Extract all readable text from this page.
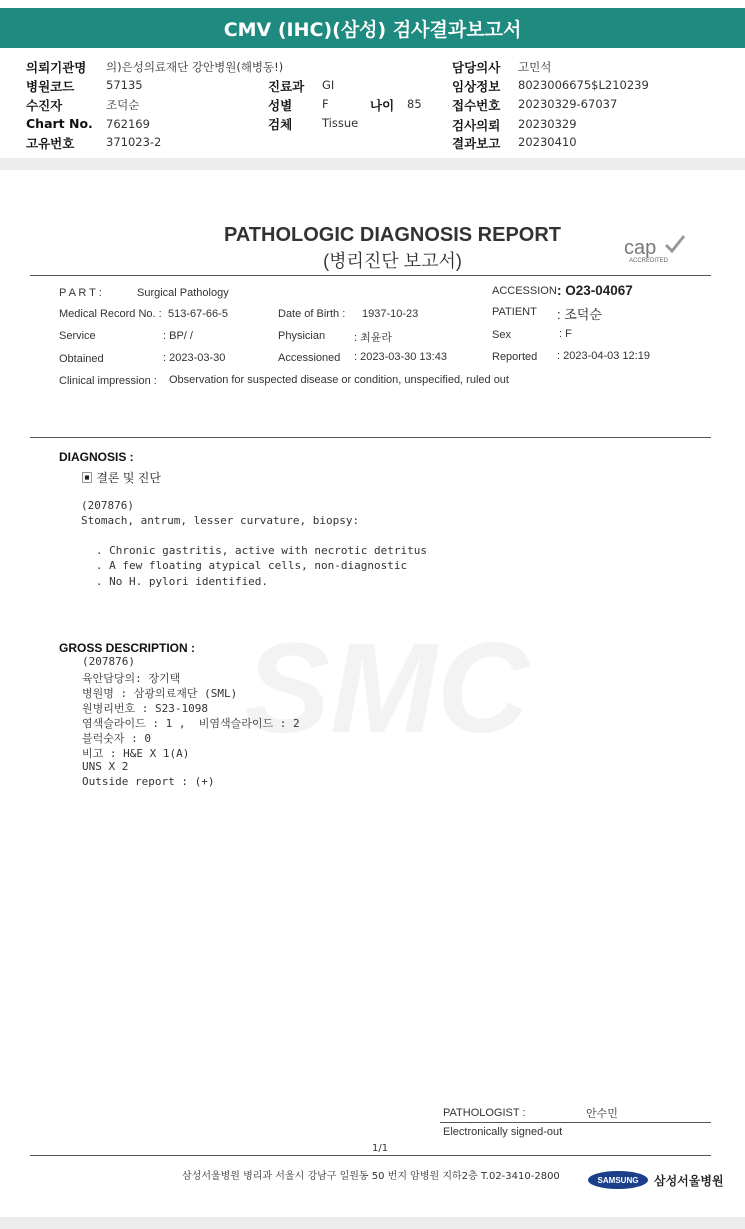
CMV (IHC)(삼성) 검사결과보고서
의뢰기관명 의)은성의료재단 강안병원(해병동!)
병원코드	57135
수진자	조덕순
Chart No. 762169
고유번호	371023-2
진료과 GI
성별	F	나이 85
검체	Tissue
담당의사 고민석
임상정보 8023006675$L210239
접수번호 20230329-67037
검사의뢰 20230329
결과보고 20230410
SMC
PATHOLOGIC DIAGNOSIS REPORT
(병리진단 보고서)
cap
ACCREDITED
P A R T :	Surgical Pathology	ACCESSION : O23-04067
Medical Record No. : 513-67-66-5	Date of Birth : 1937-10-23	PATIENT : 조덕순
Service	: BP/ /	Physician	: 최윤라	Sex	: F
Obtained	: 2023-03-30	Accessioned : 2023-03-30 13:43	Reported : 2023-04-03 12:19
Clinical impression : Observation for suspected disease or condition, unspecified, ruled out
DIAGNOSIS :
▣ 결론 및 진단
(207876)
Stomach, antrum, lesser curvature, biopsy:
. Chronic gastritis, active with necrotic detritus
. A few floating atypical cells, non-diagnostic
. No H. pylori identified.
GROSS DESCRIPTION :
(207876)
육안담당의: 장기택
병원명 : 삼광의료재단 (SML)
원병리번호 : S23-1098
염색슬라이드 : 1 ,  비염색슬라이드 : 2
블럭숫자 : 0
비고 : H&E X 1(A)
UNS X 2
Outside report : (+)
PATHOLOGIST :	안수민
Electronically signed-out
1/1
삼성서울병원 병리과 서울시 강남구 일원동 50 번지 암병원 지하2층 T.02-3410-2800	SAMSUNG 삼성서울병원
